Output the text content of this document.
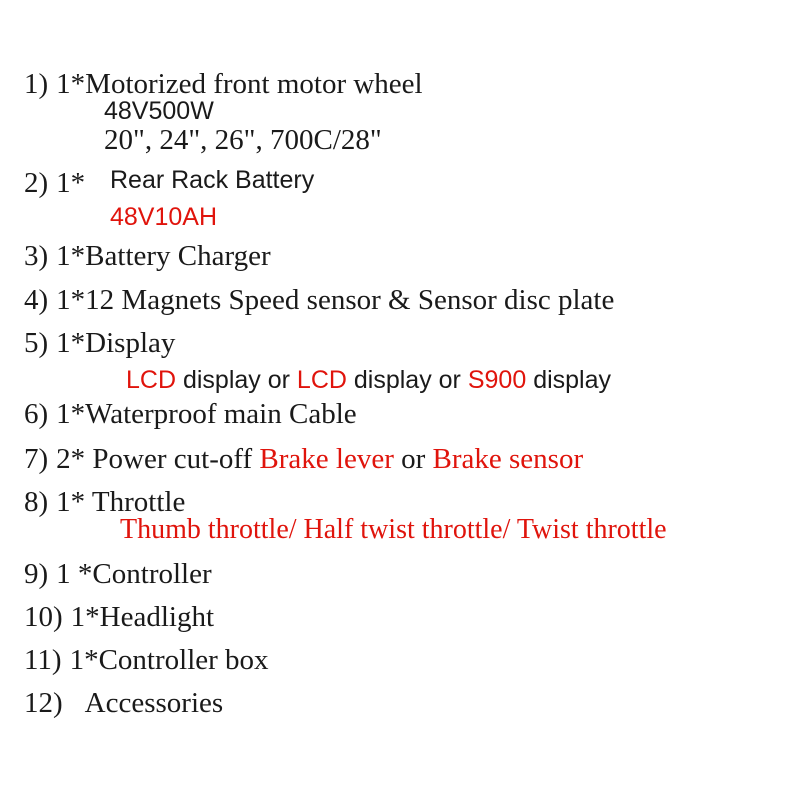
1) 1*Motorized front motor wheel
48V500W
20", 24", 26", 700C/28"
2) 1* Rear Rack Battery
48V10AH
3) 1*Battery Charger
4) 1*12 Magnets Speed sensor & Sensor disc plate
5) 1*Display
LCD display or LCD display or S900 display
6) 1*Waterproof main Cable
7) 2* Power cut-off Brake lever or Brake sensor
8) 1* Throttle
Thumb throttle/ Half twist throttle/ Twist throttle
9) 1 *Controller
10) 1*Headlight
11) 1*Controller box
12) Accessories
